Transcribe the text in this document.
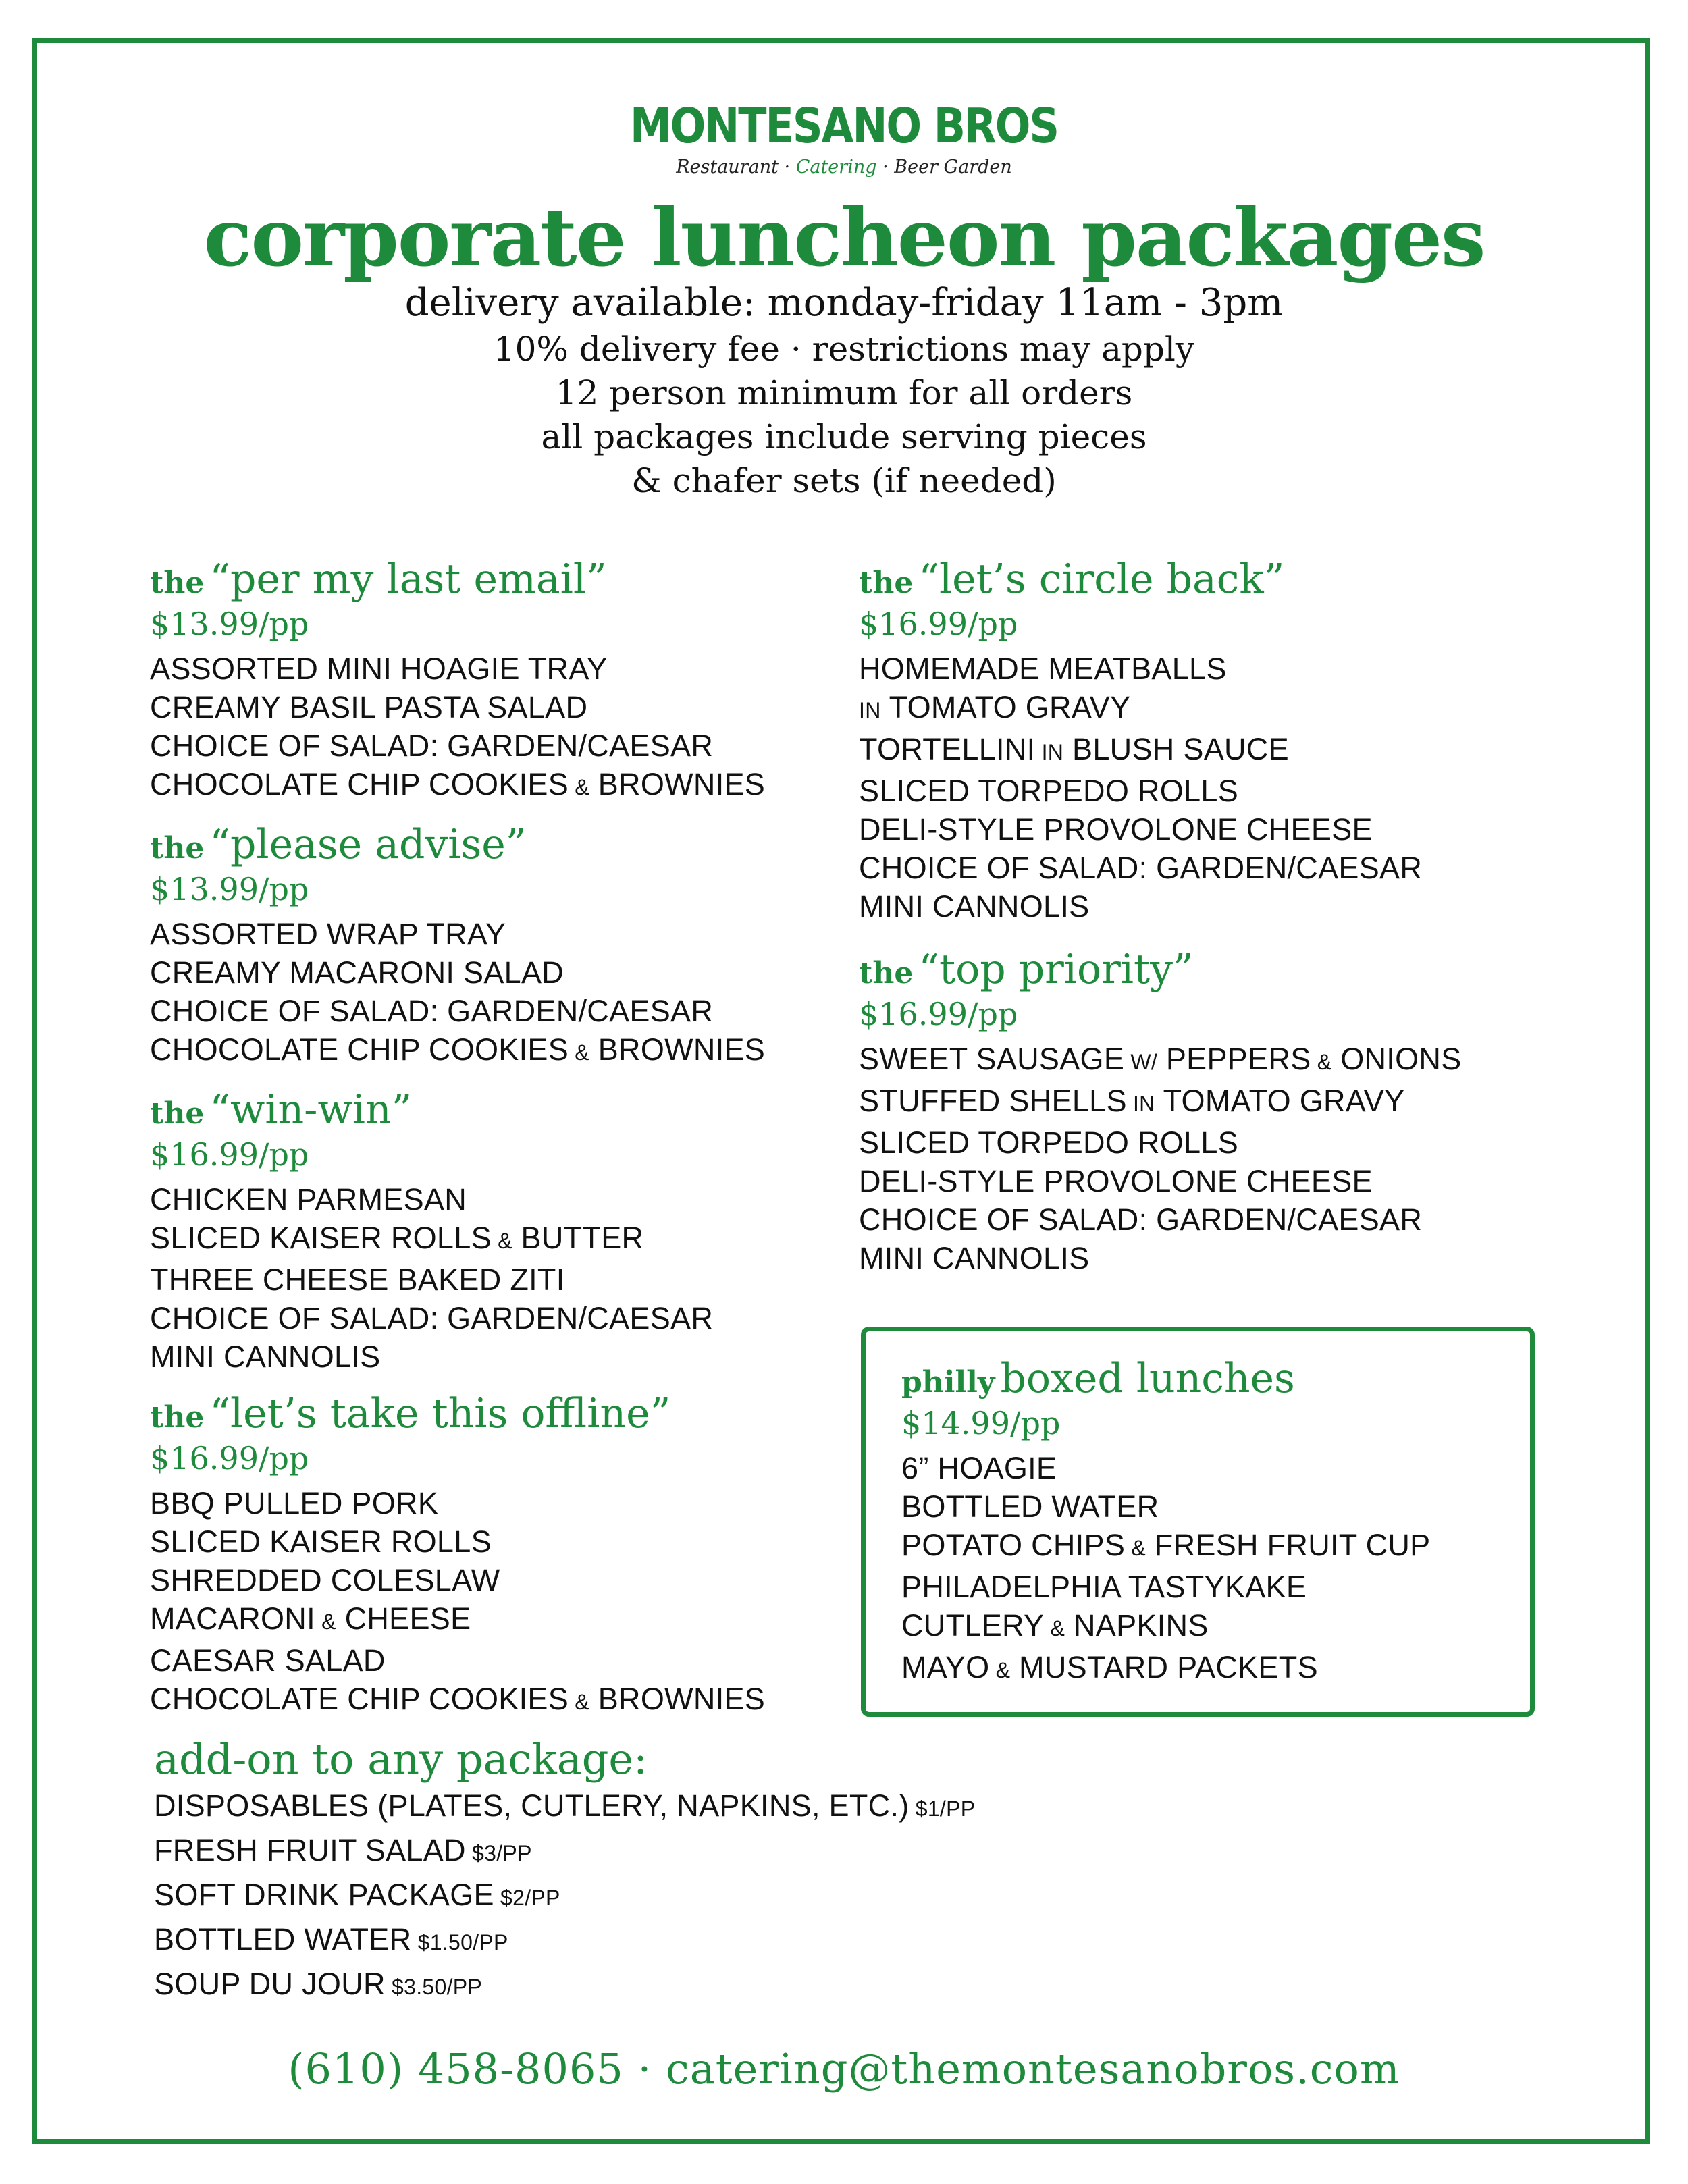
MONTESANO BROS
Restaurant · Catering · Beer Garden
corporate luncheon packages
delivery available: monday-friday 11am - 3pm
10% delivery fee · restrictions may apply
12 person minimum for all orders
all packages include serving pieces
& chafer sets (if needed)
the “per my last email”
$13.99/pp
ASSORTED MINI HOAGIE TRAY
CREAMY BASIL PASTA SALAD
CHOICE OF SALAD: GARDEN/CAESAR
CHOCOLATE CHIP COOKIES & BROWNIES
the “please advise”
$13.99/pp
ASSORTED WRAP TRAY
CREAMY MACARONI SALAD
CHOICE OF SALAD: GARDEN/CAESAR
CHOCOLATE CHIP COOKIES & BROWNIES
the “win-win”
$16.99/pp
CHICKEN PARMESAN
SLICED KAISER ROLLS & BUTTER
THREE CHEESE BAKED ZITI
CHOICE OF SALAD: GARDEN/CAESAR
MINI CANNOLIS
the “let’s take this offline”
$16.99/pp
BBQ PULLED PORK
SLICED KAISER ROLLS
SHREDDED COLESLAW
MACARONI & CHEESE
CAESAR SALAD
CHOCOLATE CHIP COOKIES & BROWNIES
the “let’s circle back”
$16.99/pp
HOMEMADE MEATBALLS
IN TOMATO GRAVY
TORTELLINI IN BLUSH SAUCE
SLICED TORPEDO ROLLS
DELI-STYLE PROVOLONE CHEESE
CHOICE OF SALAD: GARDEN/CAESAR
MINI CANNOLIS
the “top priority”
$16.99/pp
SWEET SAUSAGE W/ PEPPERS & ONIONS
STUFFED SHELLS IN TOMATO GRAVY
SLICED TORPEDO ROLLS
DELI-STYLE PROVOLONE CHEESE
CHOICE OF SALAD: GARDEN/CAESAR
MINI CANNOLIS
philly boxed lunches
$14.99/pp
6” HOAGIE
BOTTLED WATER
POTATO CHIPS & FRESH FRUIT CUP
PHILADELPHIA TASTYKAKE
CUTLERY & NAPKINS
MAYO & MUSTARD PACKETS
add-on to any package:
DISPOSABLES (PLATES, CUTLERY, NAPKINS, ETC.) $1/PP
FRESH FRUIT SALAD $3/PP
SOFT DRINK PACKAGE $2/PP
BOTTLED WATER $1.50/PP
SOUP DU JOUR $3.50/PP
(610) 458-8065 · catering@themontesanobros.com
